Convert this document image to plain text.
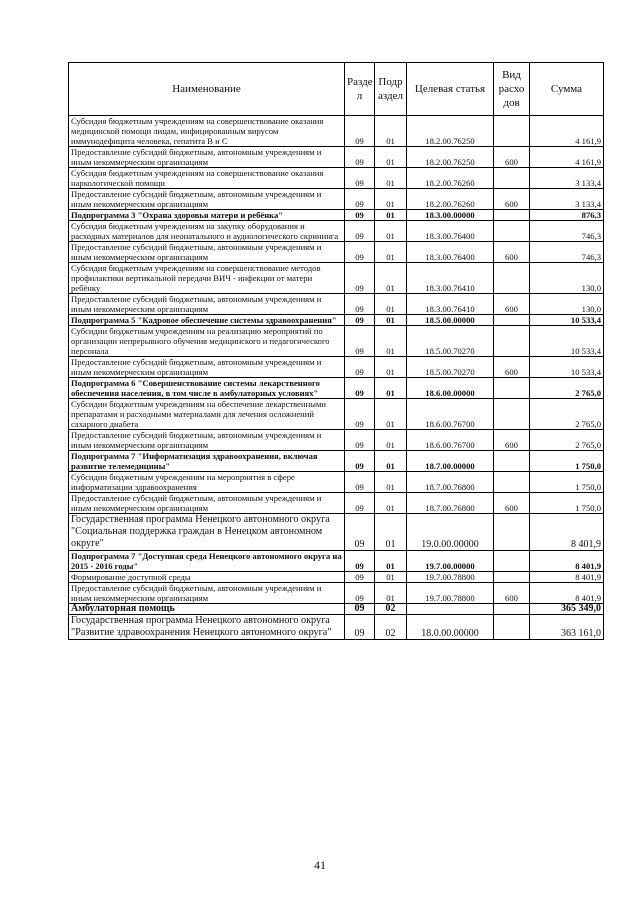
Наименование	Разде л	Подр аздел	Целевая статья	Вид расхо дов	Сумма
Субсидия бюджетным учреждениям на совершенствование оказания медицинской помощи лицам, инфицированным вирусом иммунодефицита человека, гепатита В и С	09	01	18.2.00.76250		4 161,9
Предоставление субсидий бюджетным, автономным учреждениям и иным некоммерческим организациям	09	01	18.2.00.76250	600	4 161,9
Субсидия бюджетным учреждениям на совершенствование оказания наркологической помощи	09	01	18.2.00.76260		3 133,4
Предоставление субсидий бюджетным, автономным учреждениям и иным некоммерческим организациям	09	01	18.2.00.76260	600	3 133,4
Подпрограмма 3 "Охрана здоровья матери и ребёнка"	09	01	18.3.00.00000		876,3
Субсидия бюджетным учреждениям на закупку оборудования и расходных материалов для неонатального и аудиологического скрининга	09	01	18.3.00.76400		746,3
Предоставление субсидий бюджетным, автономным учреждениям и иным некоммерческим организациям	09	01	18.3.00.76400	600	746,3
Субсидия бюджетным учреждениям на совершенствование методов профилактики вертикальной передачи ВИЧ - инфекции от матери ребёнку	09	01	18.3.00.76410		130,0
Предоставление субсидий бюджетным, автономным учреждениям и иным некоммерческим организациям	09	01	18.3.00.76410	600	130,0
Подпрограмма 5 "Кадровое обеспечение системы здравоохранения"	09	01	18.5.00.00000		10 533,4
Субсидии бюджетным учреждениям на реализацию мероприятий по организации непрерывного обучения медицинского и педагогического персонала	09	01	18.5.00.70270		10 533,4
Предоставление субсидий бюджетным, автономным учреждениям и иным некоммерческим организациям	09	01	18.5.00.70270	600	10 533,4
Подпрограмма 6 "Совершенствование системы лекарственного обеспечения населения, в том числе в амбулаторных условиях"	09	01	18.6.00.00000		2 765,0
Субсидии бюджетным учреждениям на обеспечение лекарственными препаратами и расходными материалами для лечения осложнений сахарного диабета	09	01	18.6.00.76700		2 765,0
Предоставление субсидий бюджетным, автономным учреждениям и иным некоммерческим организациям	09	01	18.6.00.76700	600	2 765,0
Подпрограмма 7 "Информатизация здравоохранения, включая развитие телемедицины"	09	01	18.7.00.00000		1 750,0
Субсидии бюджетным учреждениям на мероприятия в сфере информатизации здравоохранения	09	01	18.7.00.76800		1 750,0
Предоставление субсидий бюджетным, автономным учреждениям и иным некоммерческим организациям	09	01	18.7.00.76800	600	1 750,0
Государственная программа Ненецкого автономного округа "Социальная поддержка граждан в Ненецком автономном округе"	09	01	19.0.00.00000		8 401,9
Подпрограмма 7 "Доступная среда Ненецкого автономного округа на 2015 - 2016 годы"	09	01	19.7.00.00000		8 401,9
Формирование доступной среды	09	01	19.7.00.78800		8 401,9
Предоставление субсидий бюджетным, автономным учреждениям и иным некоммерческим организациям	09	01	19.7.00.78800	600	8 401,9
Амбулаторная помощь	09	02			365 349,0
Государственная программа Ненецкого автономного округа "Развитие здравоохранения Ненецкого автономного округа"	09	02	18.0.00.00000		363 161,0
41
